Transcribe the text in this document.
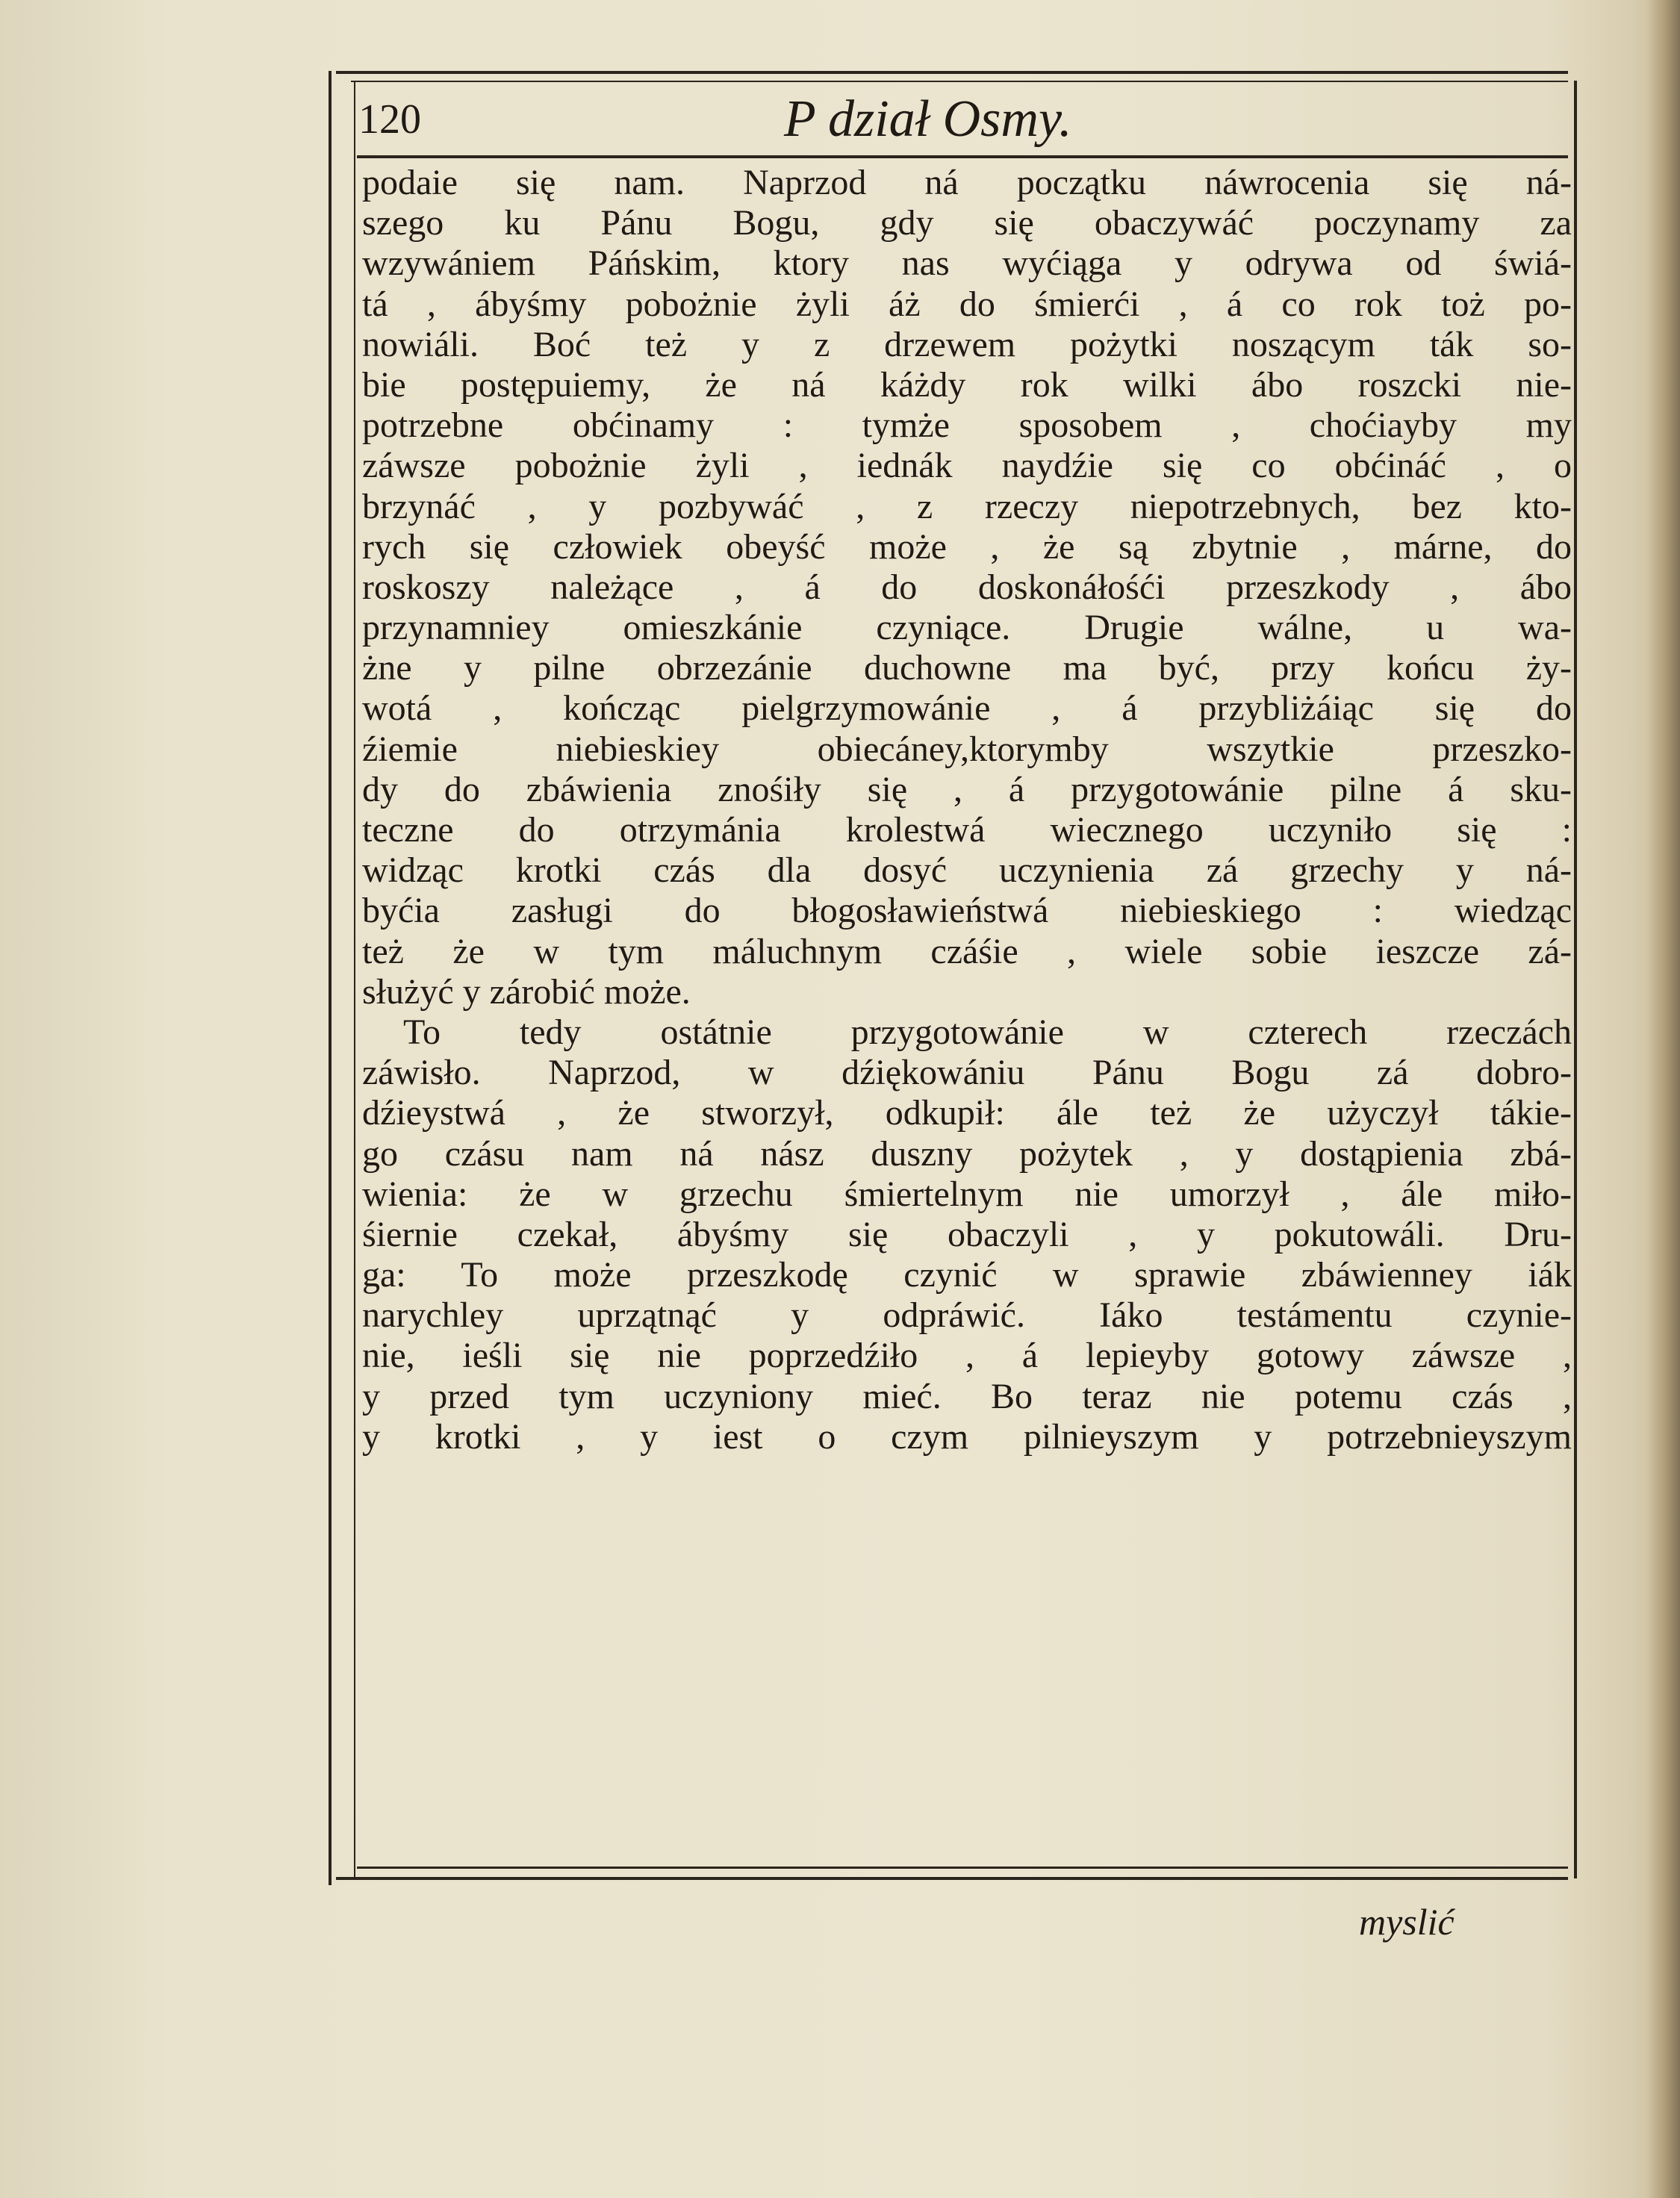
120	P dział Osmy.
podaie się nam. Naprzod ná początku náwrocenia się ná-
szego ku Pánu Bogu, gdy się obaczywáć poczynamy za
wzywániem Páńskim, ktory nas wyćiąga y odrywa od świá-
tá , ábyśmy pobożnie żyli áż do śmierći , á co rok toż po-
nowiáli. Boć też y z drzewem pożytki noszącym ták so-
bie postępuiemy, że ná káżdy rok wilki ábo roszcki nie-
potrzebne obćinamy : tymże sposobem , choćiayby my
záwsze pobożnie żyli , iednák naydźie się co obćináć , o
brzynáć , y pozbywáć , z rzeczy niepotrzebnych, bez kto-
rych się człowiek obeyść może , że są zbytnie , márne, do
roskoszy należące , á do doskonáłośći przeszkody , ábo
przynamniey omieszkánie czyniące. Drugie wálne, u wa-
żne y pilne obrzezánie duchowne ma być, przy końcu ży-
wotá , kończąc pielgrzymowánie , á przybliżáiąc się do
źiemie niebieskiey obiecáney,ktorymby wszytkie przeszko-
dy do zbáwienia znośiły się , á przygotowánie pilne á sku-
teczne do otrzymánia krolestwá wiecznego uczyniło się :
widząc krotki czás dla dosyć uczynienia zá grzechy y ná-
byćia zasługi do błogosławieństwá niebieskiego : wiedząc
też że w tym máluchnym czáśie , wiele sobie ieszcze zá-
służyć y zárobić może.
To tedy ostátnie przygotowánie w czterech rzeczách
záwisło. Naprzod, w dźiękowániu Pánu Bogu zá dobro-
dźieystwá , że stworzył, odkupił: ále też że użyczył tákie-
go czásu nam ná nász duszny pożytek , y dostąpienia zbá-
wienia: że w grzechu śmiertelnym nie umorzył , ále miło-
śiernie czekał, ábyśmy się obaczyli , y pokutowáli. Dru-
ga: To może przeszkodę czynić w sprawie zbáwienney iák
narychley uprzątnąć y odpráwić. Iáko testámentu czynie-
nie, ieśli się nie poprzedźiło , á lepieyby gotowy záwsze ,
y przed tym uczyniony mieć. Bo teraz nie potemu czás ,
y krotki , y iest o czym pilnieyszym y potrzebnieyszym
myslić
